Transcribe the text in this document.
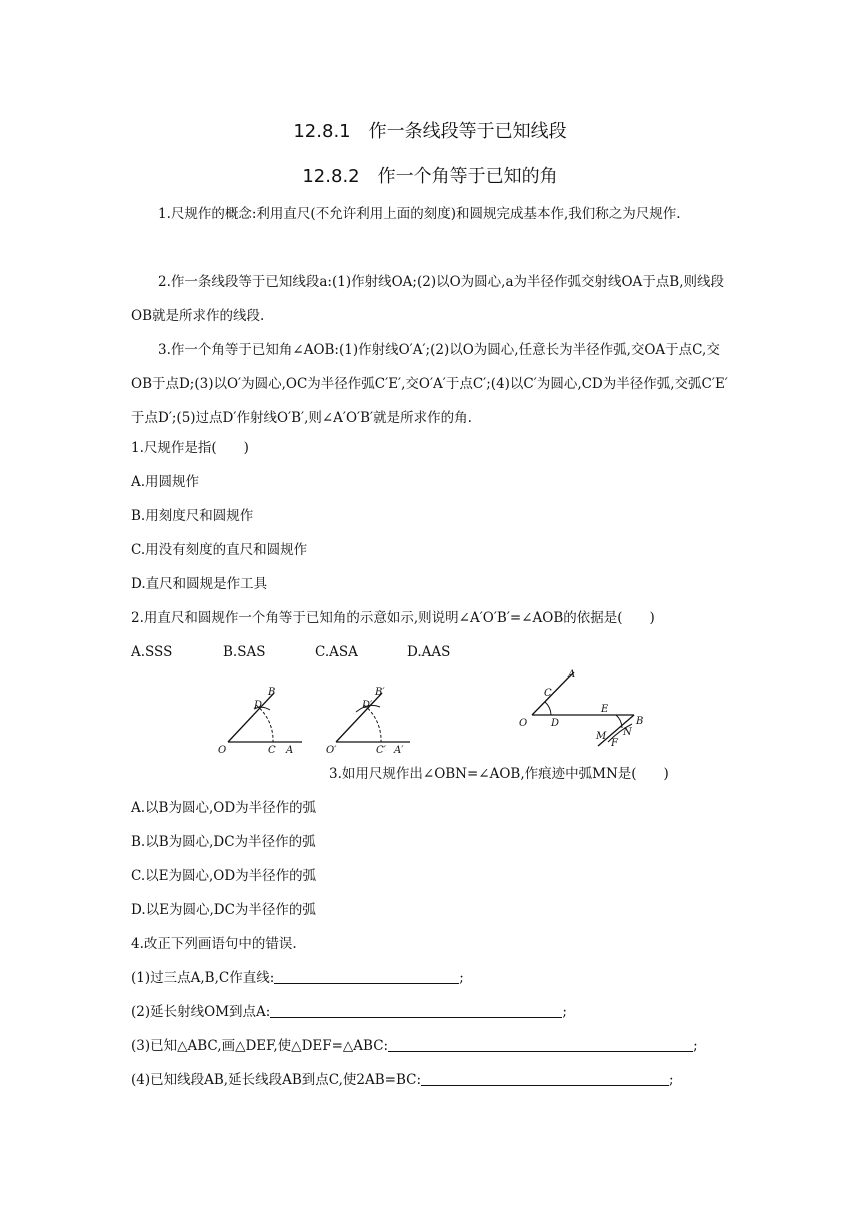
12.8.1　作一条线段等于已知线段
12.8.2　作一个角等于已知的角
1.尺规作的概念:利用直尺(不允许利用上面的刻度)和圆规完成基本作,我们称之为尺规作.
2.作一条线段等于已知线段a:(1)作射线OA;(2)以O为圆心,a为半径作弧交射线OA于点B,则线段OB就是所求作的线段.
3.作一个角等于已知角∠AOB:(1)作射线O′A′;(2)以O为圆心,任意长为半径作弧,交OA于点C,交OB于点D;(3)以O′为圆心,OC为半径作弧C′E′,交O′A′于点C′;(4)以C′为圆心,CD为半径作弧,交弧C′E′于点D′;(5)过点D′作射线O′B′,则∠A′O′B′就是所求作的角.
1.尺规作是指(　　)
A.用圆规作
B.用刻度尺和圆规作
C.用没有刻度的直尺和圆规作
D.直尺和圆规是作工具
2.用直尺和圆规作一个角等于已知角的示意如示,则说明∠A′O′B′=∠AOB的依据是(　　)
A.SSS	B.SAS	C.ASA	D.AAS
B
D
O	C A
B′
D′
O′	C′ A′
A
C
O D
E
B
M N
F
3.如用尺规作出∠OBN=∠AOB,作痕迹中弧MN是(　　)
A.以B为圆心,OD为半径作的弧
B.以B为圆心,DC为半径作的弧
C.以E为圆心,OD为半径作的弧
D.以E为圆心,DC为半径作的弧
4.改正下列画语句中的错误.
(1)过三点A,B,C作直线:	;
(2)延长射线OM到点A:	;
(3)已知△ABC,画△DEF,使△DEF=△ABC:	;
(4)已知线段AB,延长线段AB到点C,使2AB=BC:	;
